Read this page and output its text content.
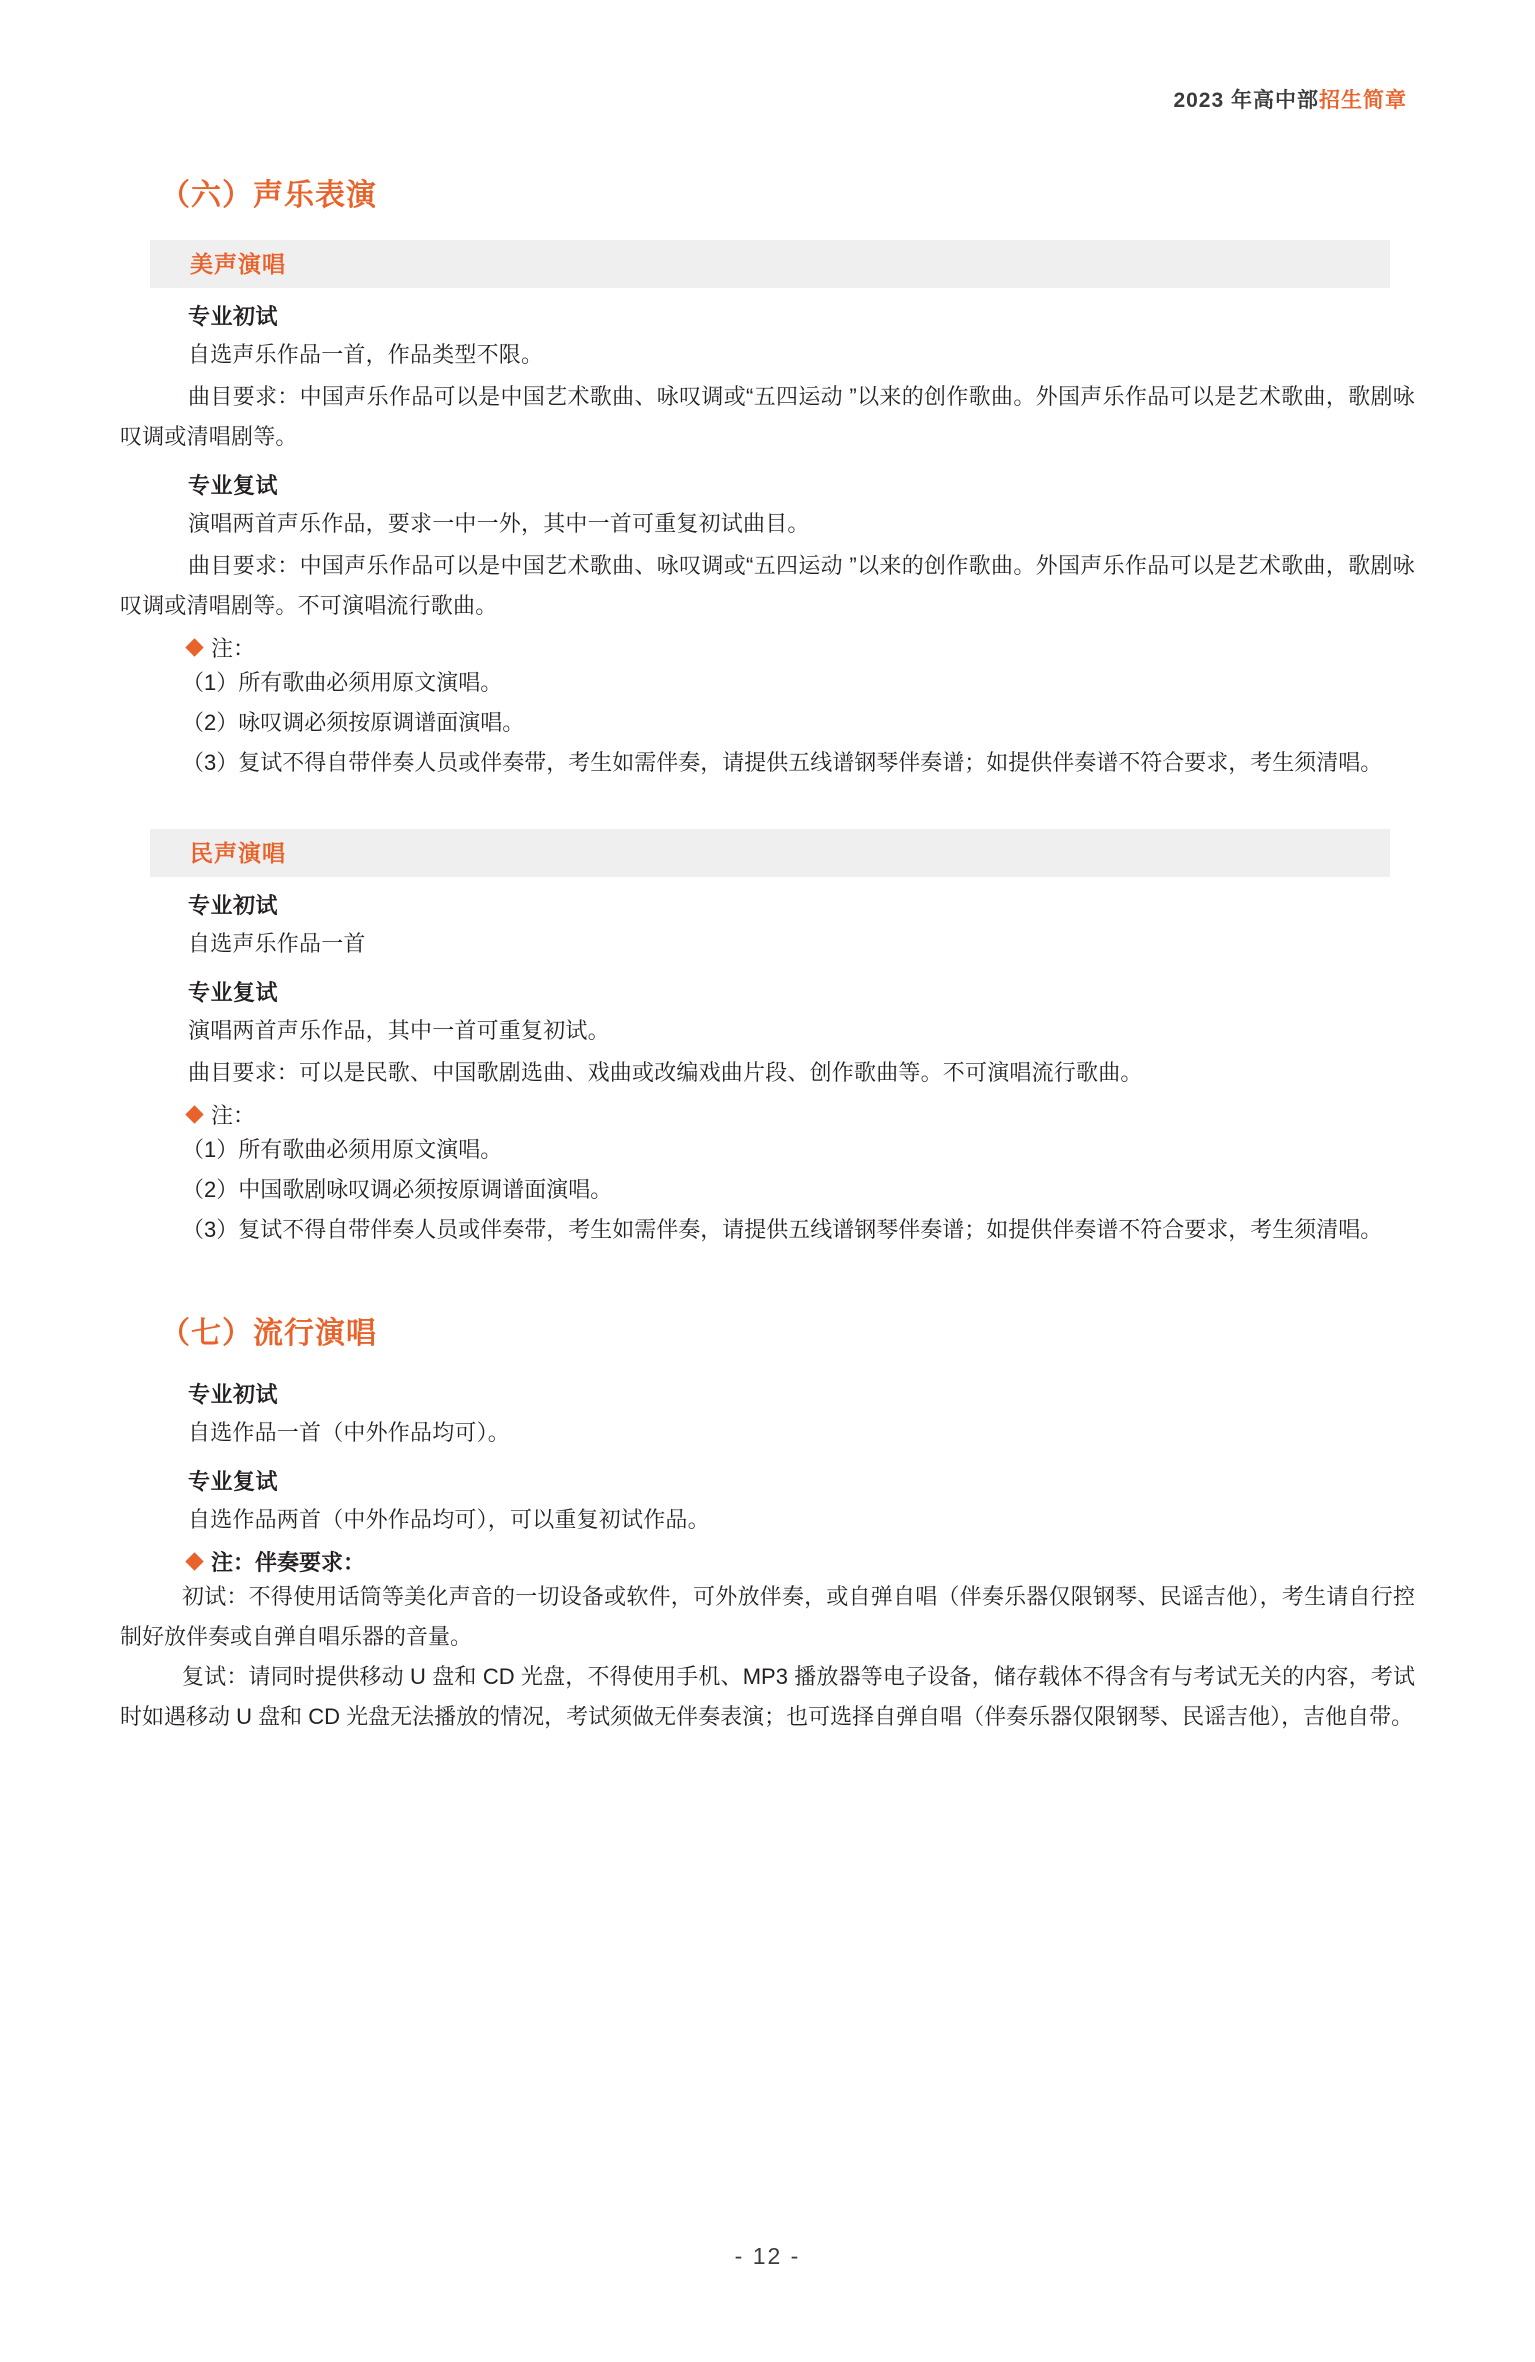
2023 年高中部招生简章
（六）声乐表演
美声演唱
专业初试

自选声乐作品一首，作品类型不限。

曲目要求：中国声乐作品可以是中国艺术歌曲、咏叹调或“五四运动 ”以来的创作歌曲。外国声乐作品可以是艺术歌曲，歌剧咏叹调或清唱剧等。

专业复试

演唱两首声乐作品，要求一中一外，其中一首可重复初试曲目。

曲目要求：中国声乐作品可以是中国艺术歌曲、咏叹调或“五四运动 ”以来的创作歌曲。外国声乐作品可以是艺术歌曲，歌剧咏叹调或清唱剧等。不可演唱流行歌曲。

注：

（1）所有歌曲必须用原文演唱。

（2）咏叹调必须按原调谱面演唱。

（3）复试不得自带伴奏人员或伴奏带，考生如需伴奏，请提供五线谱钢琴伴奏谱；如提供伴奏谱不符合要求，考生须清唱。

民声演唱
专业初试

自选声乐作品一首

专业复试

演唱两首声乐作品，其中一首可重复初试。

曲目要求：可以是民歌、中国歌剧选曲、戏曲或改编戏曲片段、创作歌曲等。不可演唱流行歌曲。

注：

（1）所有歌曲必须用原文演唱。

（2）中国歌剧咏叹调必须按原调谱面演唱。

（3）复试不得自带伴奏人员或伴奏带，考生如需伴奏，请提供五线谱钢琴伴奏谱；如提供伴奏谱不符合要求，考生须清唱。

（七）流行演唱
专业初试

自选作品一首（中外作品均可）。

专业复试

自选作品两首（中外作品均可），可以重复初试作品。

注：伴奏要求：

初试：不得使用话筒等美化声音的一切设备或软件，可外放伴奏，或自弹自唱（伴奏乐器仅限钢琴、民谣吉他），考生请自行控制好放伴奏或自弹自唱乐器的音量。

复试：请同时提供移动 U 盘和 CD 光盘，不得使用手机、MP3 播放器等电子设备，储存载体不得含有与考试无关的内容，考试时如遇移动 U 盘和 CD 光盘无法播放的情况，考试须做无伴奏表演；也可选择自弹自唱（伴奏乐器仅限钢琴、民谣吉他），吉他自带。

- 12 -
